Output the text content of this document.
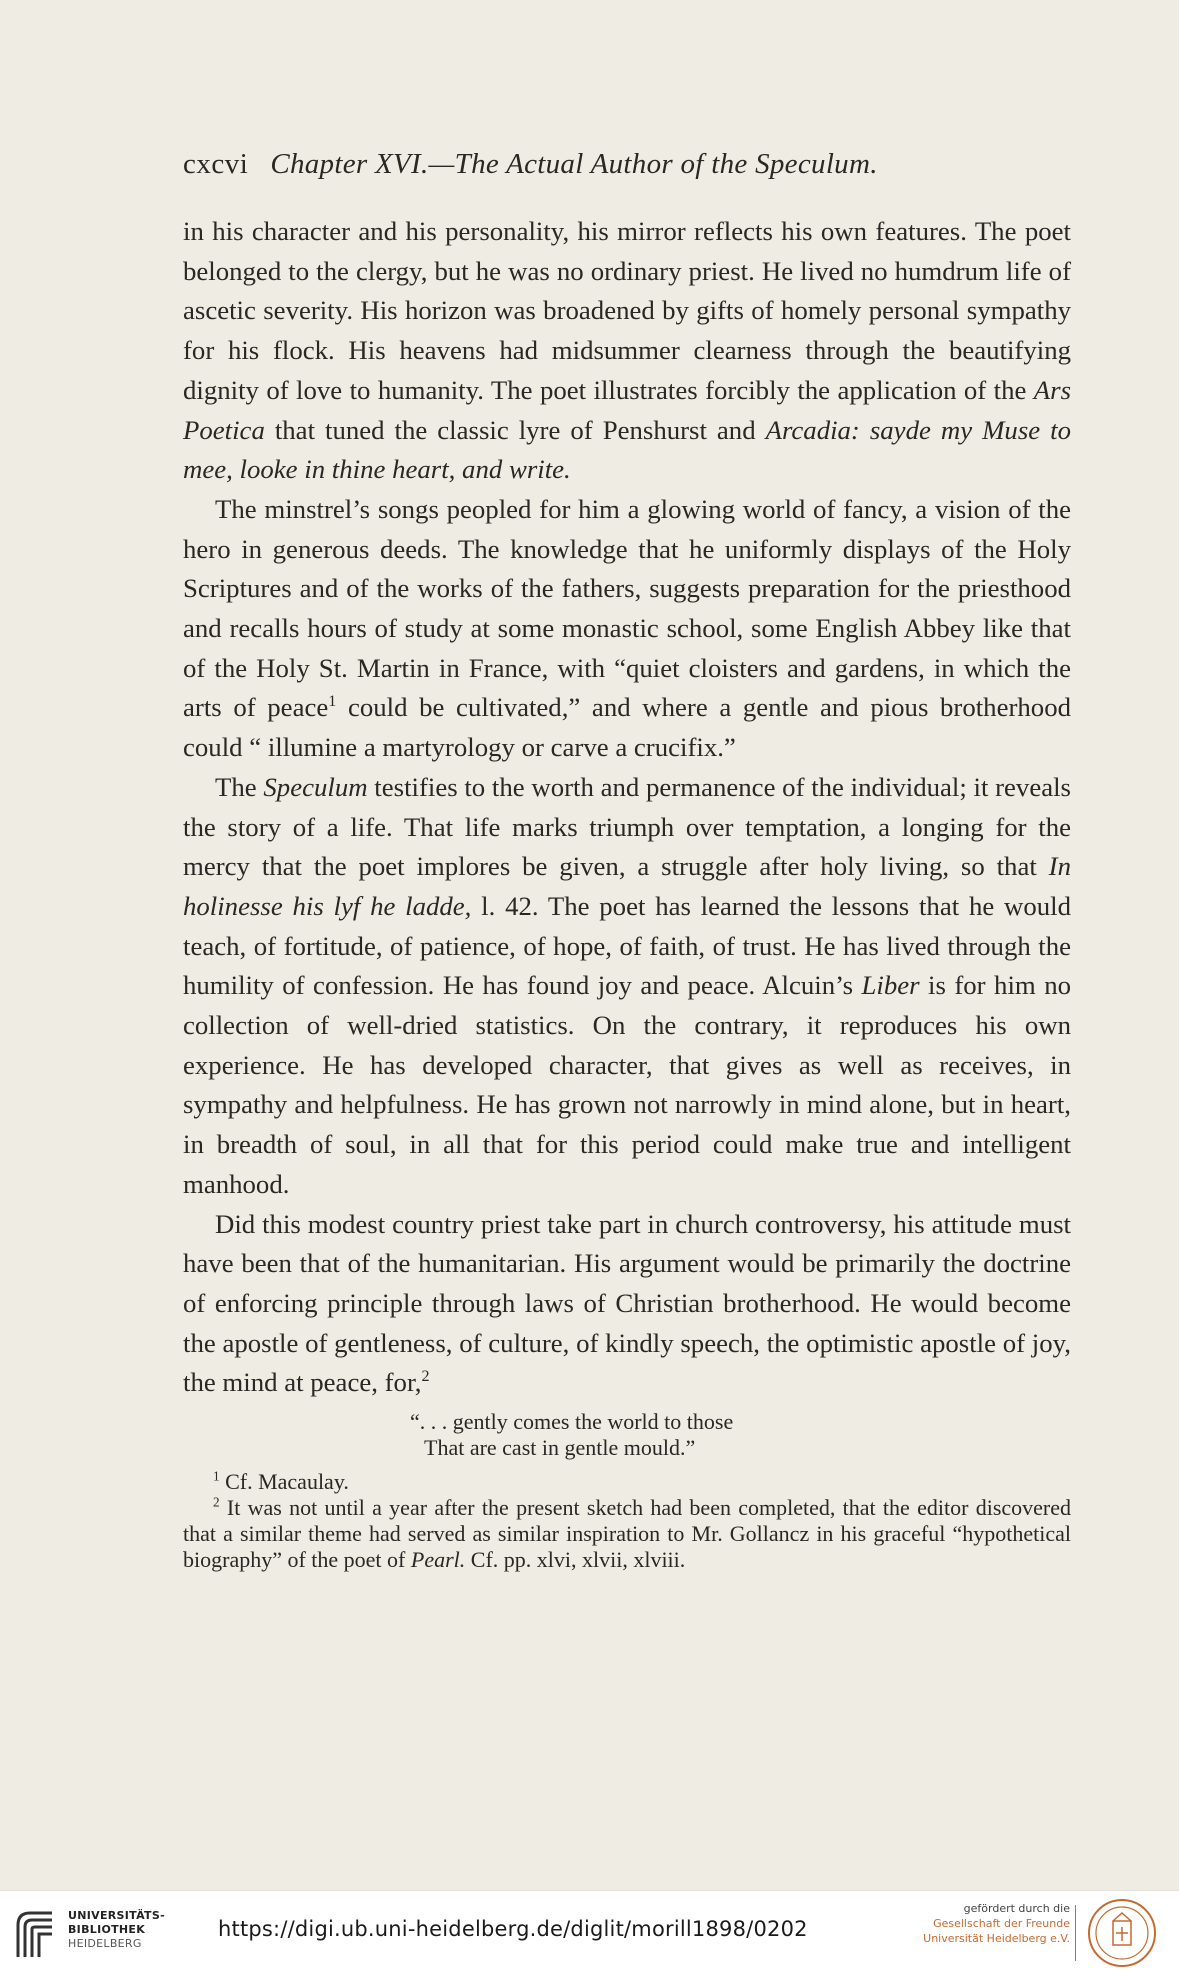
cxcvi Chapter XVI.—The Actual Author of the Speculum.

in his character and his personality, his mirror reflects his own features. The poet belonged to the clergy, but he was no ordinary priest. He lived no humdrum life of ascetic severity. His horizon was broadened by gifts of homely personal sympathy for his flock. His heavens had midsummer clearness through the beautifying dignity of love to humanity. The poet illustrates forcibly the application of the Ars Poetica that tuned the classic lyre of Penshurst and Arcadia: sayde my Muse to mee, looke in thine heart, and write.

The minstrel’s songs peopled for him a glowing world of fancy, a vision of the hero in generous deeds. The knowledge that he uniformly displays of the Holy Scriptures and of the works of the fathers, suggests preparation for the priesthood and recalls hours of study at some monastic school, some English Abbey like that of the Holy St. Martin in France, with “quiet cloisters and gardens, in which the arts of peace$^1$ could be cultivated,” and where a gentle and pious brotherhood could “ illumine a martyrology or carve a crucifix.”

The Speculum testifies to the worth and permanence of the individual; it reveals the story of a life. That life marks triumph over temptation, a longing for the mercy that the poet implores be given, a struggle after holy living, so that In holinesse his lyf he ladde, l. 42. The poet has learned the lessons that he would teach, of fortitude, of patience, of hope, of faith, of trust. He has lived through the humility of confession. He has found joy and peace. Alcuin’s Liber is for him no collection of well-dried statistics. On the contrary, it reproduces his own experience. He has developed character, that gives as well as receives, in sympathy and helpfulness. He has grown not narrowly in mind alone, but in heart, in breadth of soul, in all that for this period could make true and intelligent manhood.

Did this modest country priest take part in church controversy, his attitude must have been that of the humanitarian. His argument would be primarily the doctrine of enforcing principle through laws of Christian brotherhood. He would become the apostle of gentleness, of culture, of kindly speech, the optimistic apostle of joy, the mind at peace, for,$^2$

“. . . gently comes the world to those
That are cast in gentle mould.”

$^1$ Cf. Macaulay.

$^2$ It was not until a year after the present sketch had been completed, that the editor discovered that a similar theme had served as similar inspiration to Mr. Gollancz in his graceful “hypothetical biography” of the poet of Pearl. Cf. pp. xlvi, xlvii, xlviii.

UNIVERSITÄTS-
BIBLIOTHEK
HEIDELBERG
https://digi.ub.uni-heidelberg.de/diglit/morill1898/0202
gefördert durch die
Gesellschaft der Freunde
Universität Heidelberg e.V.
